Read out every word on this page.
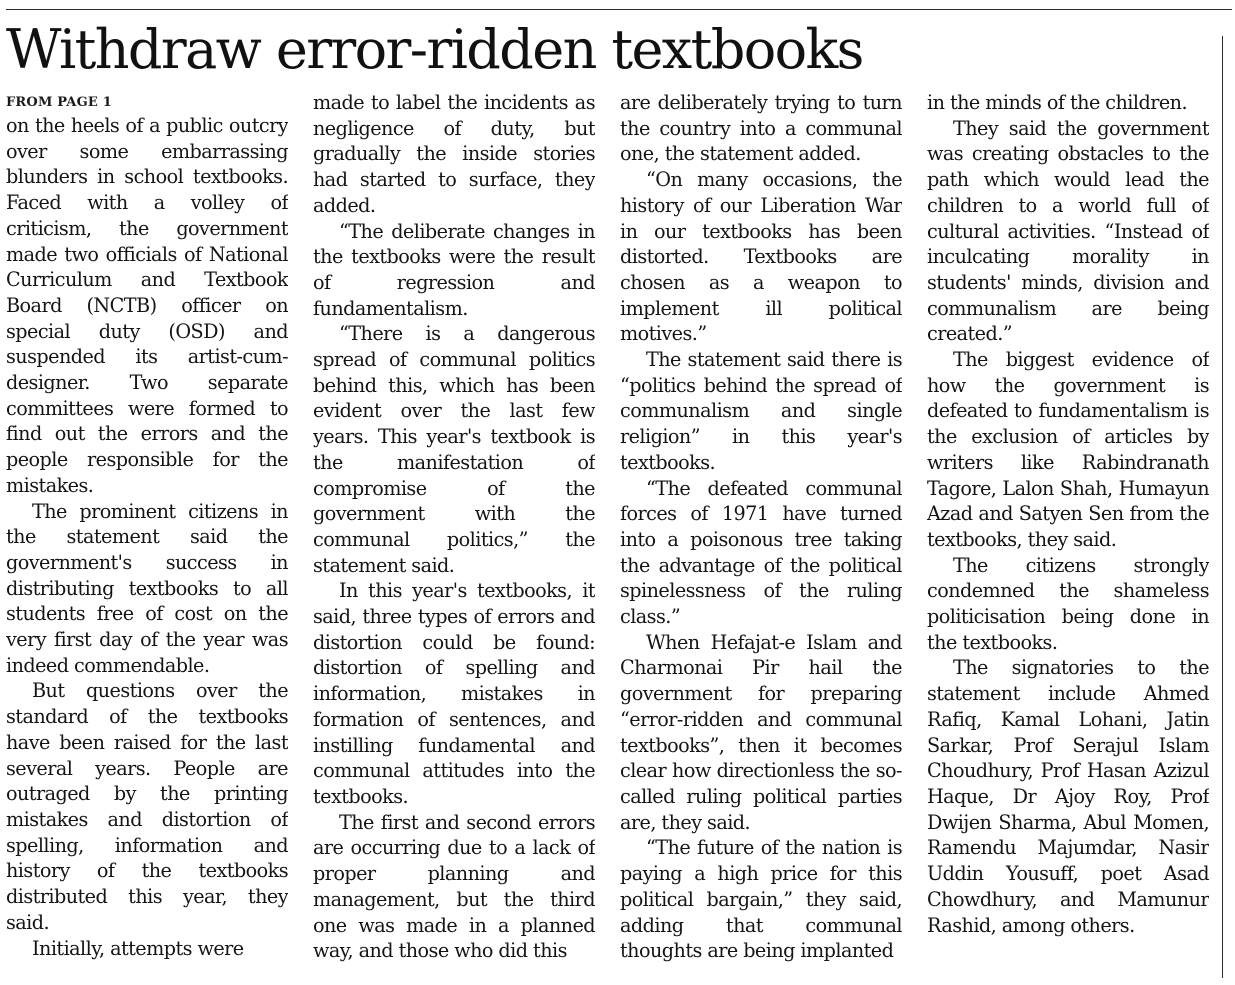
Withdraw error-ridden textbooks
FROM PAGE 1

on the heels of a public outcry over some embarrassing blunders in school textbooks. Faced with a volley of criticism, the government made two officials of National Curriculum and Textbook Board (NCTB) officer on special duty (OSD) and suspended its artist-cum-designer. Two separate committees were formed to find out the errors and the people responsible for the mistakes.

The prominent citizens in the statement said the government's success in distributing textbooks to all students free of cost on the very first day of the year was indeed commendable.

But questions over the standard of the textbooks have been raised for the last several years. People are outraged by the printing mistakes and distortion of spelling, information and history of the textbooks distributed this year, they said.

Initially, attempts were

made to label the incidents as negligence of duty, but gradually the inside stories had started to surface, they added.

“The deliberate changes in the textbooks were the result of regression and fundamentalism.

“There is a dangerous spread of communal politics behind this, which has been evident over the last few years. This year's textbook is the manifestation of compromise of the government with the communal politics,” the statement said.

In this year's textbooks, it said, three types of errors and distortion could be found: distortion of spelling and information, mistakes in formation of sentences, and instilling fundamental and communal attitudes into the textbooks.

The first and second errors are occurring due to a lack of proper planning and management, but the third one was made in a planned way, and those who did this

are deliberately trying to turn the country into a communal one, the statement added.

“On many occasions, the history of our Liberation War in our textbooks has been distorted. Textbooks are chosen as a weapon to implement ill political motives.”

The statement said there is “politics behind the spread of communalism and single religion” in this year's textbooks.

“The defeated communal forces of 1971 have turned into a poisonous tree taking the advantage of the political spinelessness of the ruling class.”

When Hefajat-e Islam and Charmonai Pir hail the government for preparing “error-ridden and communal textbooks”, then it becomes clear how directionless the so-called ruling political parties are, they said.

“The future of the nation is paying a high price for this political bargain,” they said, adding that communal thoughts are being implanted

in the minds of the children.

They said the government was creating obstacles to the path which would lead the children to a world full of cultural activities. “Instead of inculcating morality in students' minds, division and communalism are being created.”

The biggest evidence of how the government is defeated to fundamentalism is the exclusion of articles by writers like Rabindranath Tagore, Lalon Shah, Humayun Azad and Satyen Sen from the textbooks, they said.

The citizens strongly condemned the shameless politicisation being done in the textbooks.

The signatories to the statement include Ahmed Rafiq, Kamal Lohani, Jatin Sarkar, Prof Serajul Islam Choudhury, Prof Hasan Azizul Haque, Dr Ajoy Roy, Prof Dwijen Sharma, Abul Momen, Ramendu Majumdar, Nasir Uddin Yousuff, poet Asad Chowdhury, and Mamunur Rashid, among others.
